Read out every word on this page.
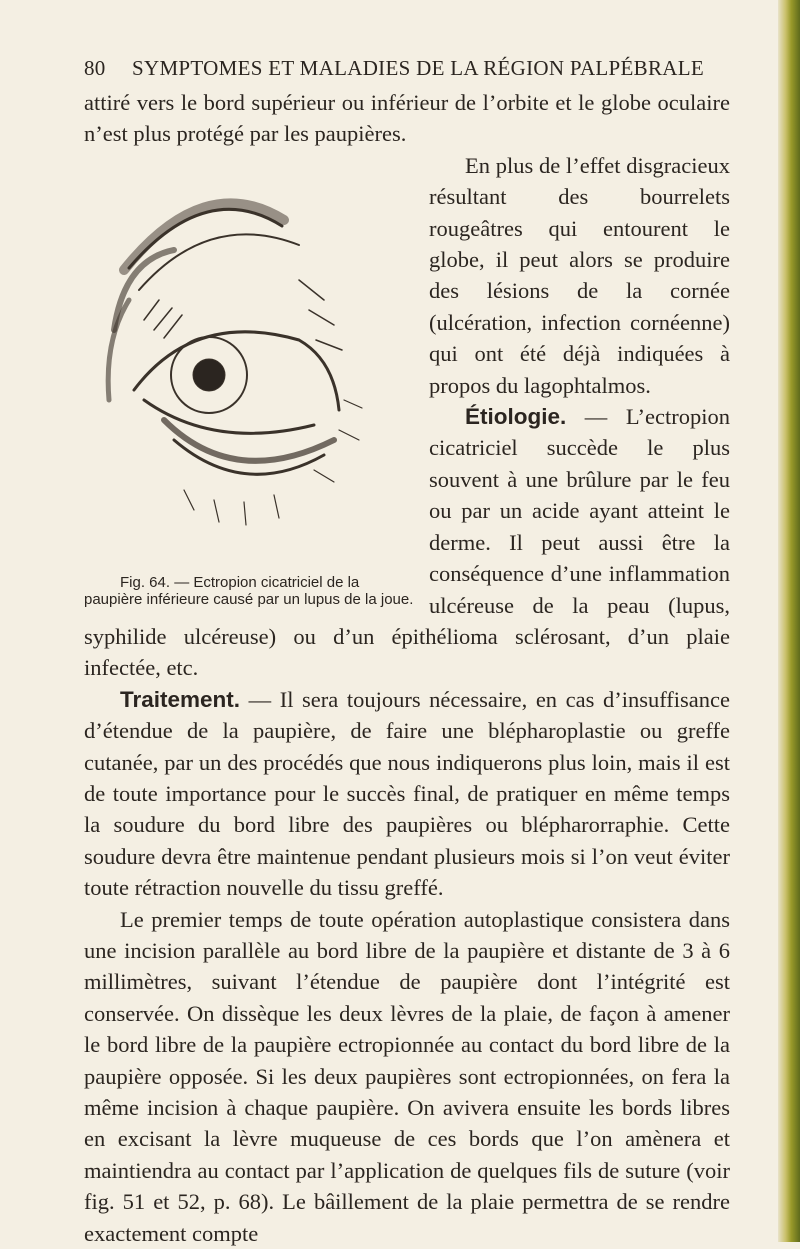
80 SYMPTOMES ET MALADIES DE LA RÉGION PALPÉBRALE

attiré vers le bord supérieur ou inférieur de l’orbite et le globe oculaire n’est plus protégé par les paupières.

Fig. 64. — Ectropion cicatriciel de la paupière inférieure causé par un lupus de la joue.
En plus de l’effet disgracieux résultant des bourrelets rougeâtres qui entourent le globe, il peut alors se produire des lésions de la cornée (ulcération, infection cornéenne) qui ont été déjà indiquées à propos du lagophtalmos.

Étiologie. — L’ectropion cicatriciel succède le plus souvent à une brûlure par le feu ou par un acide ayant atteint le derme. Il peut aussi être la conséquence d’une inflammation ulcéreuse de la peau (lupus, syphilide ulcéreuse) ou d’un épithélioma sclérosant, d’un plaie infectée, etc.

Traitement. — Il sera toujours nécessaire, en cas d’insuffisance d’étendue de la paupière, de faire une blépharoplastie ou greffe cutanée, par un des procédés que nous indiquerons plus loin, mais il est de toute importance pour le succès final, de pratiquer en même temps la soudure du bord libre des paupières ou blépharorraphie. Cette soudure devra être maintenue pendant plusieurs mois si l’on veut éviter toute rétraction nouvelle du tissu greffé.

Le premier temps de toute opération autoplastique consistera dans une incision parallèle au bord libre de la paupière et distante de 3 à 6 millimètres, suivant l’étendue de paupière dont l’intégrité est conservée. On dissèque les deux lèvres de la plaie, de façon à amener le bord libre de la paupière ectropionnée au contact du bord libre de la paupière opposée. Si les deux paupières sont ectropionnées, on fera la même incision à chaque paupière. On avivera ensuite les bords libres en excisant la lèvre muqueuse de ces bords que l’on amènera et maintiendra au contact par l’application de quelques fils de suture (voir fig. 51 et 52, p. 68). Le bâillement de la plaie permettra de se rendre exactement compte
